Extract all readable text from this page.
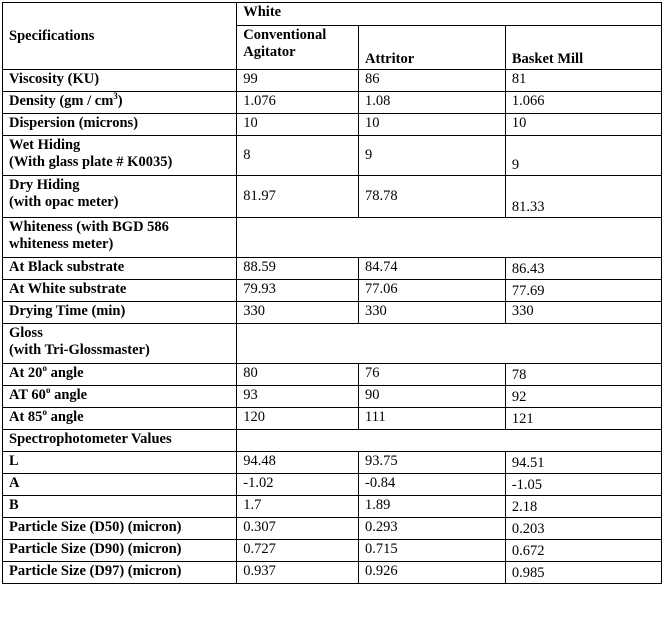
Specifications	White		
	Conventional Agitator	Attritor	Basket Mill
Viscosity (KU)	99	86	81
Density $(gm / cm^3)$	1.076	1.08	1.066
Dispersion (microns)	10	10	10

Wet Hiding
(With glass plate # K0035)	8	9	9

Dry Hiding
(with opac meter)	81.97	78.78	81.33

Whiteness (with BGD 586
whiteness meter)			

At Black substrate	88.59	84.74	86.43
At White substrate	79.93	77.06	77.69
Drying Time (min)	330	330	330

Gloss
(with Tri-Glossmaster)			

At 20$^o$ angle	80	76	78
AT 60$^o$ angle	93	90	92
At 85$^o$ angle	120	111	121
Spectrophotometer Values			
L	94.48	93.75	94.51
A	-1.02	-0.84	-1.05
B	1.7	1.89	2.18
Particle Size (D50) (micron)	0.307	0.293	0.203
Particle Size (D90) (micron)	0.727	0.715	0.672
Particle Size (D97) (micron)	0.937	0.926	0.985
